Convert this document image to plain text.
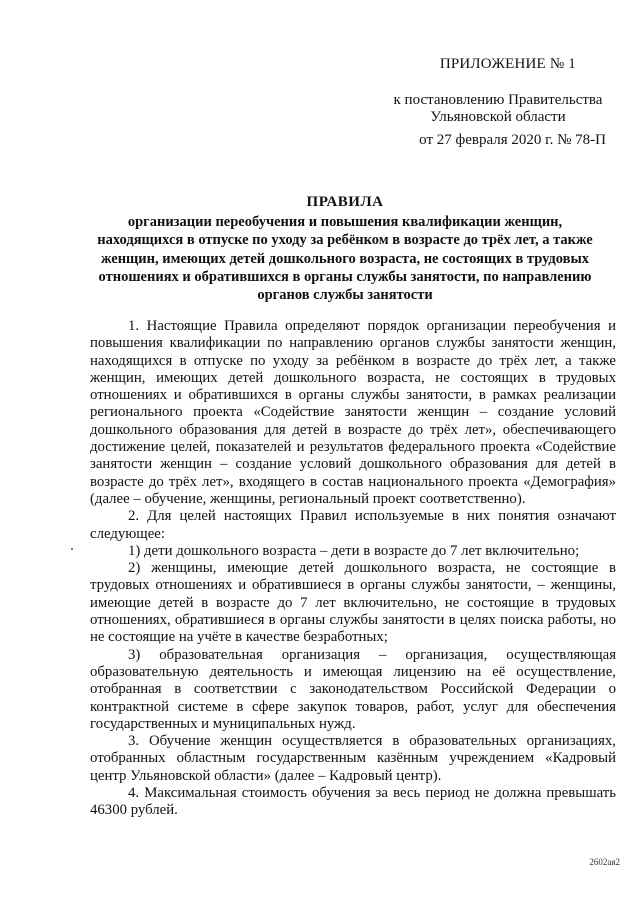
ПРИЛОЖЕНИЕ № 1
к постановлению Правительства
Ульяновской области
от 27 февраля 2020 г. № 78-П
ПРАВИЛА
организации переобучения и повышения квалификации женщин, находящихся в отпуске по уходу за ребёнком в возрасте до трёх лет, а также женщин, имеющих детей дошкольного возраста, не состоящих в трудовых отношениях и обратившихся в органы службы занятости, по направлению органов службы занятости

1. Настоящие Правила определяют порядок организации переобучения и повышения квалификации по направлению органов службы занятости женщин, находящихся в отпуске по уходу за ребёнком в возрасте до трёх лет, а также женщин, имеющих детей дошкольного возраста, не состоящих в трудовых отношениях и обратившихся в органы службы занятости, в рамках реализации регионального проекта «Содействие занятости женщин – создание условий дошкольного образования для детей в возрасте до трёх лет», обеспечивающего достижение целей, показателей и результатов федерального проекта «Содействие занятости женщин – создание условий дошкольного образования для детей в возрасте до трёх лет», входящего в состав национального проекта «Демография» (далее – обучение, женщины, региональный проект соответственно).

2. Для целей настоящих Правил используемые в них понятия означают следующее:

1) дети дошкольного возраста – дети в возрасте до 7 лет включительно;

2) женщины, имеющие детей дошкольного возраста, не состоящие в трудовых отношениях и обратившиеся в органы службы занятости, – женщины, имеющие детей в возрасте до 7 лет включительно, не состоящие в трудовых отношениях, обратившиеся в органы службы занятости в целях поиска работы, но не состоящие на учёте в качестве безработных;

3) образовательная организация – организация, осуществляющая образовательную деятельность и имеющая лицензию на её осуществление, отобранная в соответствии с законодательством Российской Федерации о контрактной системе в сфере закупок товаров, работ, услуг для обеспечения государственных и муниципальных нужд.

3. Обучение женщин осуществляется в образовательных организациях, отобранных областным государственным казённым учреждением «Кадровый центр Ульяновской области» (далее – Кадровый центр).

4. Максимальная стоимость обучения за весь период не должна превышать 46300 рублей.

2602ая2
